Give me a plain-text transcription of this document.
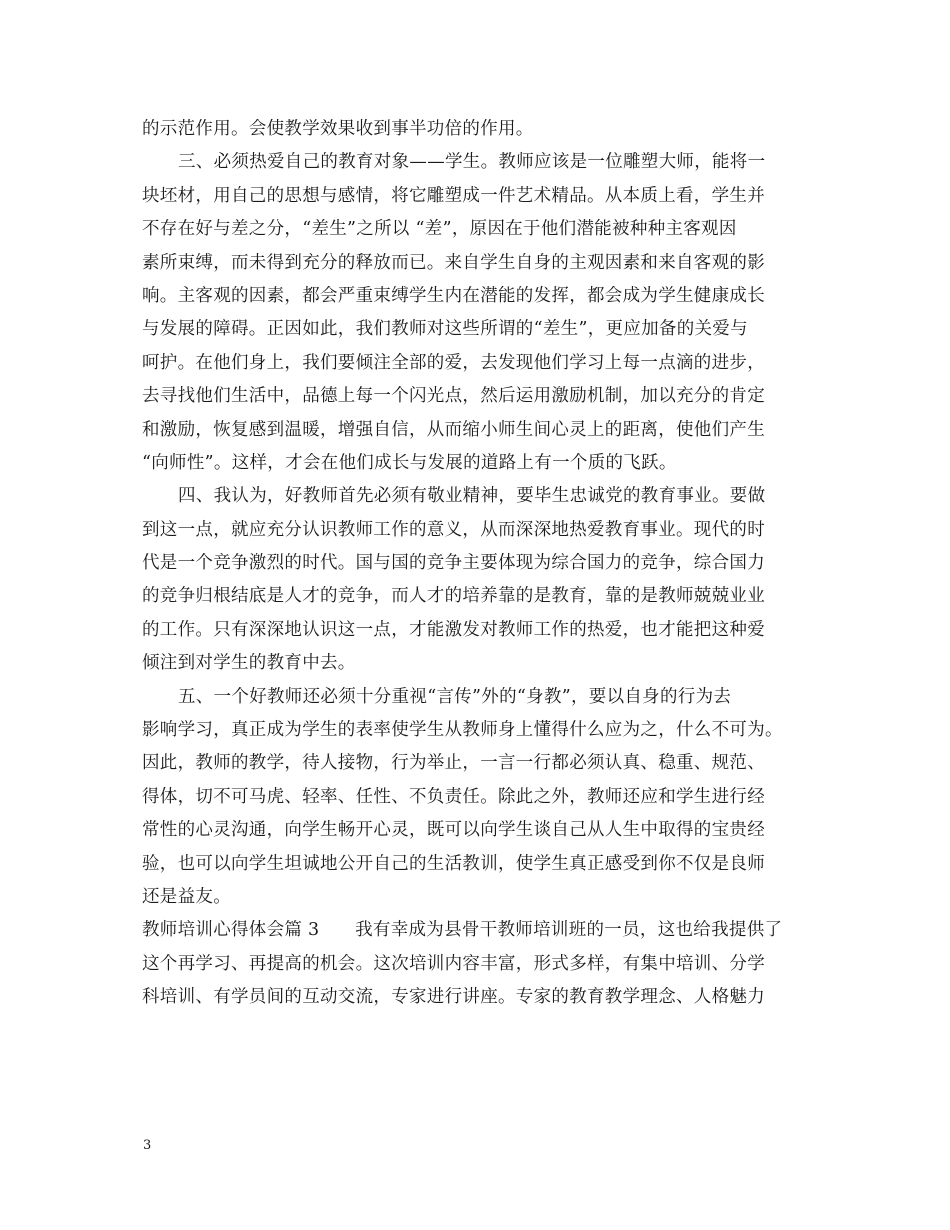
的示范作用。会使教学效果收到事半功倍的作用。
三、必须热爱自己的教育对象——学生。教师应该是一位雕塑大师，能将一
块坯材，用自己的思想与感情，将它雕塑成一件艺术精品。从本质上看，学生并
不存在好与差之分，“差生”之所以 “差”，原因在于他们潜能被种种主客观因
素所束缚，而未得到充分的释放而已。来自学生自身的主观因素和来自客观的影
响。主客观的因素，都会严重束缚学生内在潜能的发挥，都会成为学生健康成长
与发展的障碍。正因如此，我们教师对这些所谓的“差生”，更应加备的关爱与
呵护。在他们身上，我们要倾注全部的爱，去发现他们学习上每一点滴的进步，
去寻找他们生活中，品德上每一个闪光点，然后运用激励机制，加以充分的肯定
和激励，恢复感到温暖，增强自信，从而缩小师生间心灵上的距离，使他们产生
“向师性”。这样，才会在他们成长与发展的道路上有一个质的飞跃。
四、我认为，好教师首先必须有敬业精神，要毕生忠诚党的教育事业。要做
到这一点，就应充分认识教师工作的意义，从而深深地热爱教育事业。现代的时
代是一个竞争激烈的时代。国与国的竞争主要体现为综合国力的竞争，综合国力
的竞争归根结底是人才的竞争，而人才的培养靠的是教育，靠的是教师兢兢业业
的工作。只有深深地认识这一点，才能激发对教师工作的热爱，也才能把这种爱
倾注到对学生的教育中去。
五、一个好教师还必须十分重视“言传”外的“身教”，要以自身的行为去
影响学习，真正成为学生的表率使学生从教师身上懂得什么应为之，什么不可为。
因此，教师的教学，待人接物，行为举止，一言一行都必须认真、稳重、规范、
得体，切不可马虎、轻率、任性、不负责任。除此之外，教师还应和学生进行经
常性的心灵沟通，向学生畅开心灵，既可以向学生谈自己从人生中取得的宝贵经
验，也可以向学生坦诚地公开自己的生活教训，使学生真正感受到你不仅是良师
还是益友。
教师培训心得体会篇 3　　我有幸成为县骨干教师培训班的一员，这也给我提供了
这个再学习、再提高的机会。这次培训内容丰富，形式多样，有集中培训、分学
科培训、有学员间的互动交流，专家进行讲座。专家的教育教学理念、人格魅力
3
